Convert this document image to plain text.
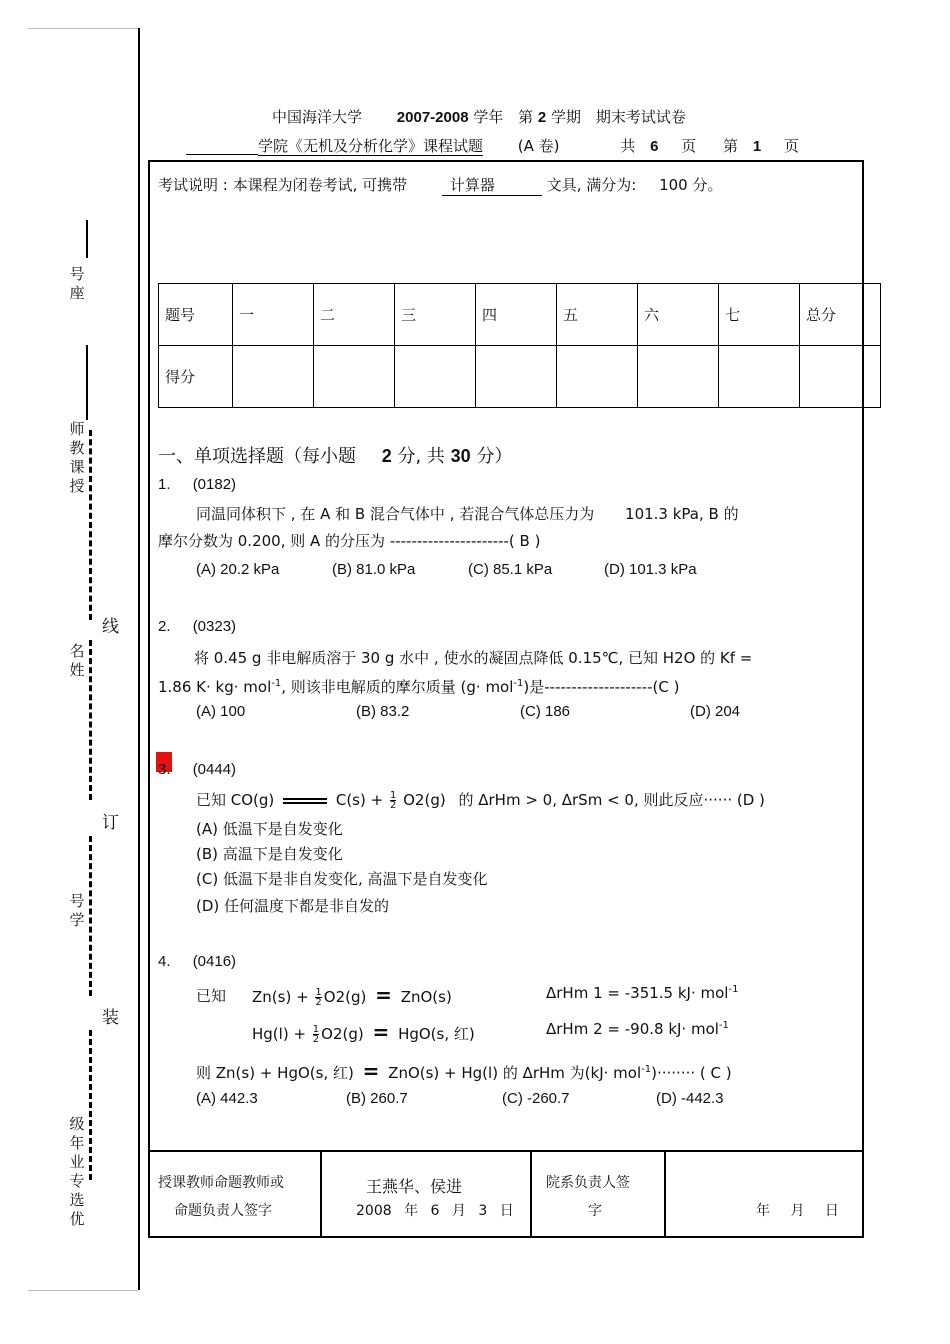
号座
师教课授
线
名姓
订
号学
装
级年业专选优
中国海洋大学 2007-2008 学年 第 2 学期 期末考试试卷
学院《无机及分析化学》课程试题 (A 卷)	共 6 页 第 1 页
考试说明 : 本课程为闭卷考试, 可携带	计算器	文具, 满分为: 100 分。
题号	一	二	三	四	五	六	七	总分
得分								
一、单项选择题（每小题 2 分, 共 30 分）
1. (0182)
同温同体积下 , 在 A 和 B 混合气体中 , 若混合气体总压力为 101.3 kPa, B 的
摩尔分数为 0.200, 则 A 的分压为 ----------------------( B )
(A) 20.2 kPa	(B) 81.0 kPa	(C) 85.1 kPa	(D) 101.3 kPa
2. (0323)
将 0.45 g 非电解质溶于 30 g 水中 , 使水的凝固点降低 0.15℃, 已知 H2O 的 Kf =
1.86 K· kg· mol$^{-1}$, 则该非电解质的摩尔质量 (g· mol$^{-1}$)是--------------------(C )
(A) 100	(B) 83.2	(C) 186	(D) 204
3. (0444)
已知 CO(g)	$C(s) + \frac{1}{2} O2(g)$ 的 ΔrHm > 0, ΔrSm < 0, 则此反应······ (D )
(A) 低温下是自发变化
(B) 高温下是自发变化
(C) 低温下是非自发变化, 高温下是自发变化
(D) 任何温度下都是非自发的
4. (0416)
已知 $Zn(s) + \frac{1}{2} O2(g) = ZnO(s)$	ΔrHm 1 = -351.5 kJ· mol$^{-1}$
$Hg(l) + \frac{1}{2} O2(g) = HgO(s$, 红)	ΔrHm 2 = -90.8 kJ· mol$^{-1}$
则 Zn(s) + HgO(s, 红) = ZnO(s) + Hg(l) 的 ΔrHm 为(kJ· mol$^{-1}$)········ ( C )
(A) 442.3	(B) 260.7	(C) -260.7	(D) -442.3
授课教师命题教师或
命题负责人签字
王燕华、侯进
2008 年 6 月 3 日
院系负责人签
字	年 月 日
